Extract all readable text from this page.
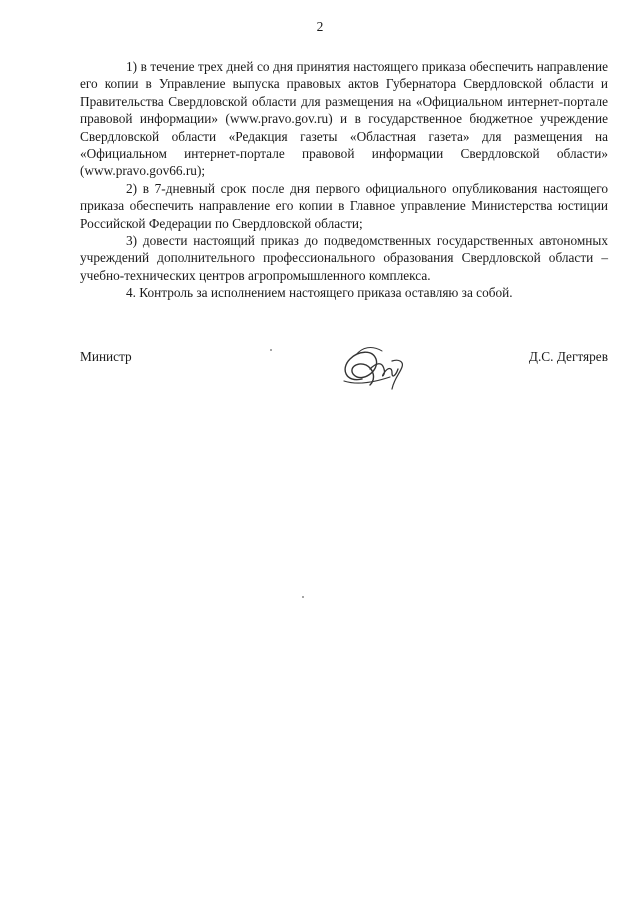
2

1) в течение трех дней со дня принятия настоящего приказа обеспечить направление его копии в Управление выпуска правовых актов Губернатора Свердловской области и Правительства Свердловской области для размещения на «Официальном интернет-портале правовой информации» (www.pravo.gov.ru) и в государственное бюджетное учреждение Свердловской области «Редакция газеты «Областная газета» для размещения на «Официальном интернет-портале правовой информации Свердловской области» (www.pravo.gov66.ru);

2) в 7-дневный срок после дня первого официального опубликования настоящего приказа обеспечить направление его копии в Главное управление Министерства юстиции Российской Федерации по Свердловской области;

3) довести настоящий приказ до подведомственных государственных автономных учреждений дополнительного профессионального образования Свердловской области – учебно-технических центров агропромышленного комплекса.

4. Контроль за исполнением настоящего приказа оставляю за собой.

Министр	Д.С. Дегтярев
